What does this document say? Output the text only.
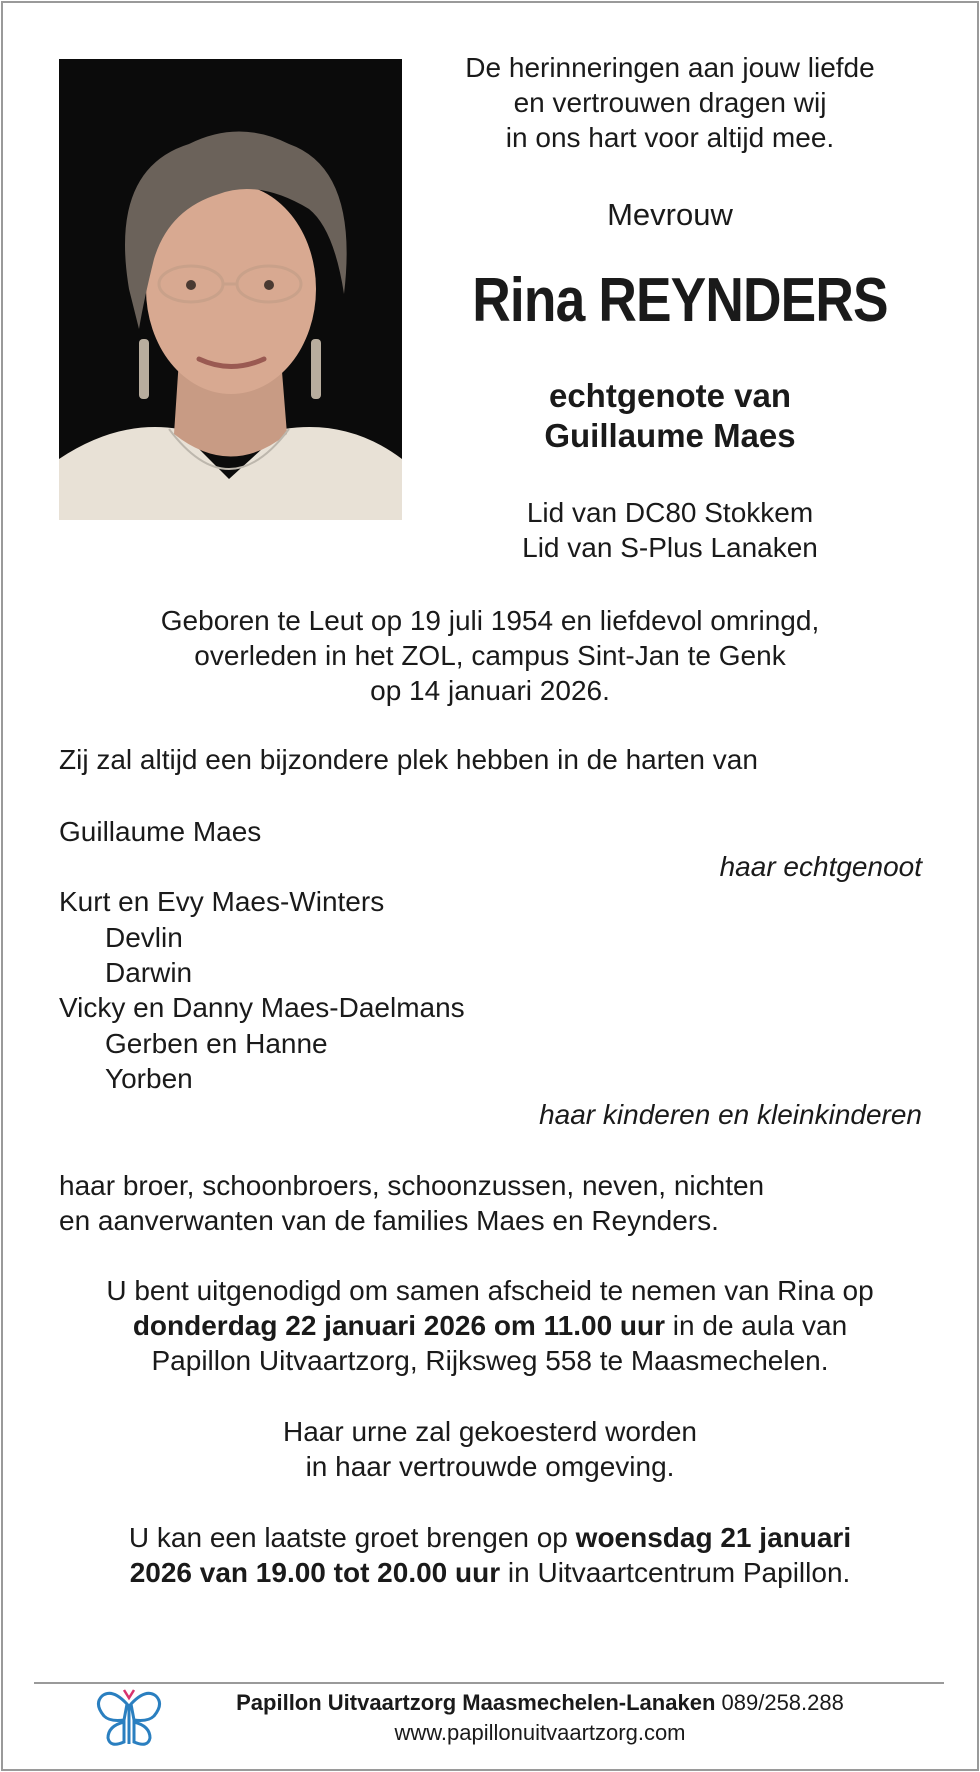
De herinneringen aan jouw liefde
en vertrouwen dragen wij
in ons hart voor altijd mee.
Mevrouw
Rina REYNDERS
echtgenote van
Guillaume Maes
Lid van DC80 Stokkem
Lid van S-Plus Lanaken
Geboren te Leut op 19 juli 1954 en liefdevol omringd,
overleden in het ZOL, campus Sint-Jan te Genk
op 14 januari 2026.
Zij zal altijd een bijzondere plek hebben in de harten van
Guillaume Maes
haar echtgenoot
Kurt en Evy Maes-Winters
Devlin
Darwin
Vicky en Danny Maes-Daelmans
Gerben en Hanne
Yorben
haar kinderen en kleinkinderen
haar broer, schoonbroers, schoonzussen, neven, nichten
en aanverwanten van de families Maes en Reynders.
U bent uitgenodigd om samen afscheid te nemen van Rina op
donderdag 22 januari 2026 om 11.00 uur in de aula van
Papillon Uitvaartzorg, Rijksweg 558 te Maasmechelen.
Haar urne zal gekoesterd worden
in haar vertrouwde omgeving.
U kan een laatste groet brengen op woensdag 21 januari
2026 van 19.00 tot 20.00 uur in Uitvaartcentrum Papillon.
Papillon Uitvaartzorg Maasmechelen-Lanaken 089/258.288
www.papillonuitvaartzorg.com
